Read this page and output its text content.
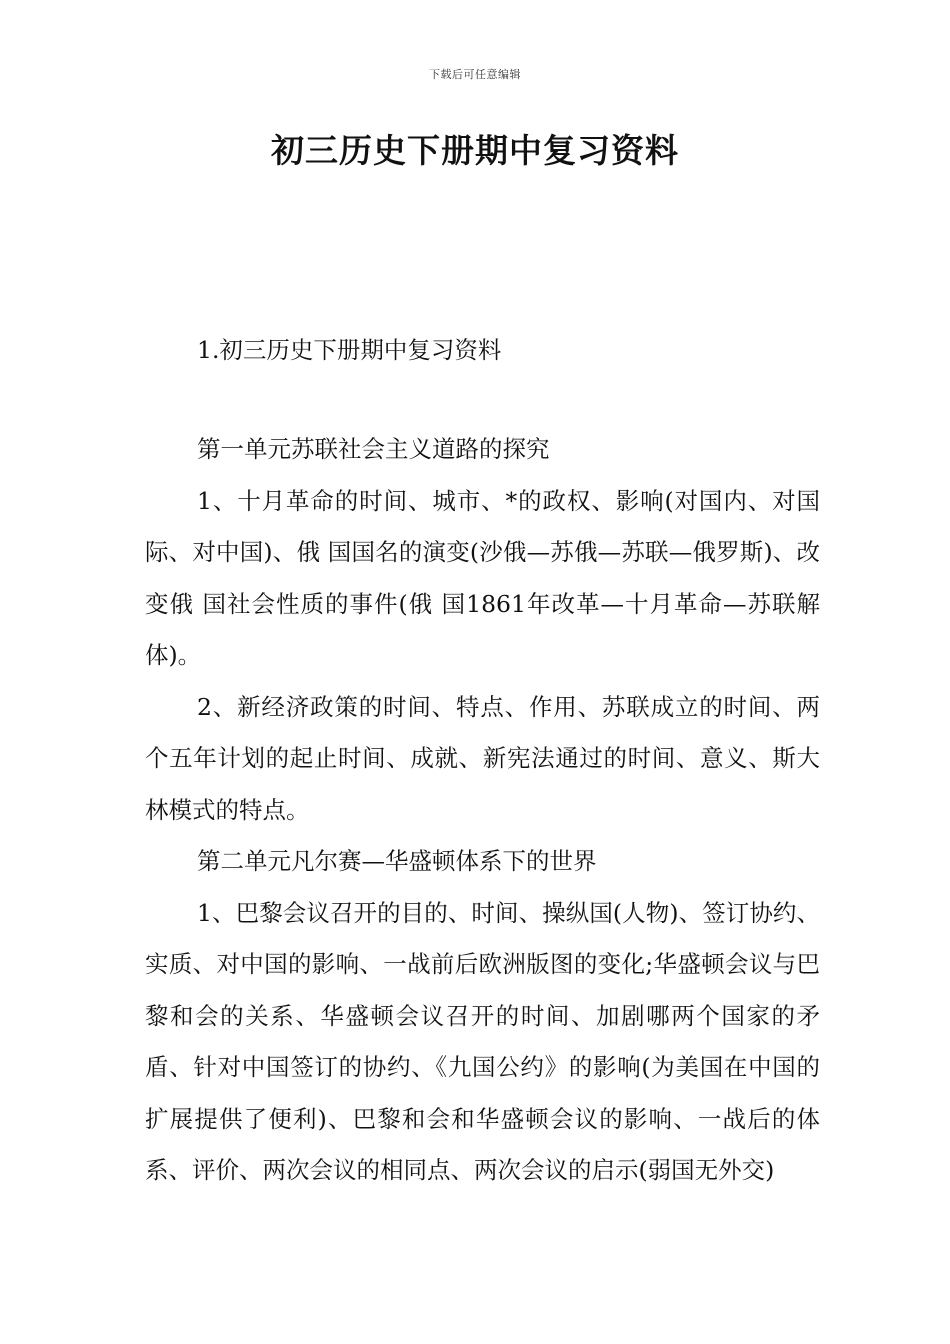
下载后可任意编辑
初三历史下册期中复习资料
1.初三历史下册期中复习资料

第一单元苏联社会主义道路的探究

1、十月革命的时间、城市、*的政权、影响(对国内、对国际、对中国)、俄 国国名的演变(沙俄—苏俄—苏联—俄罗斯)、改变俄 国社会性质的事件(俄 国1861年改革—十月革命—苏联解体)。

2、新经济政策的时间、特点、作用、苏联成立的时间、两个五年计划的起止时间、成就、新宪法通过的时间、意义、斯大林模式的特点。

第二单元凡尔赛—华盛顿体系下的世界

1、巴黎会议召开的目的、时间、操纵国(人物)、签订协约、实质、对中国的影响、一战前后欧洲版图的变化;华盛顿会议与巴黎和会的关系、华盛顿会议召开的时间、加剧哪两个国家的矛盾、针对中国签订的协约、《九国公约》的影响(为美国在中国的扩展提供了便利)、巴黎和会和华盛顿会议的影响、一战后的体系、评价、两次会议的相同点、两次会议的启示(弱国无外交)
